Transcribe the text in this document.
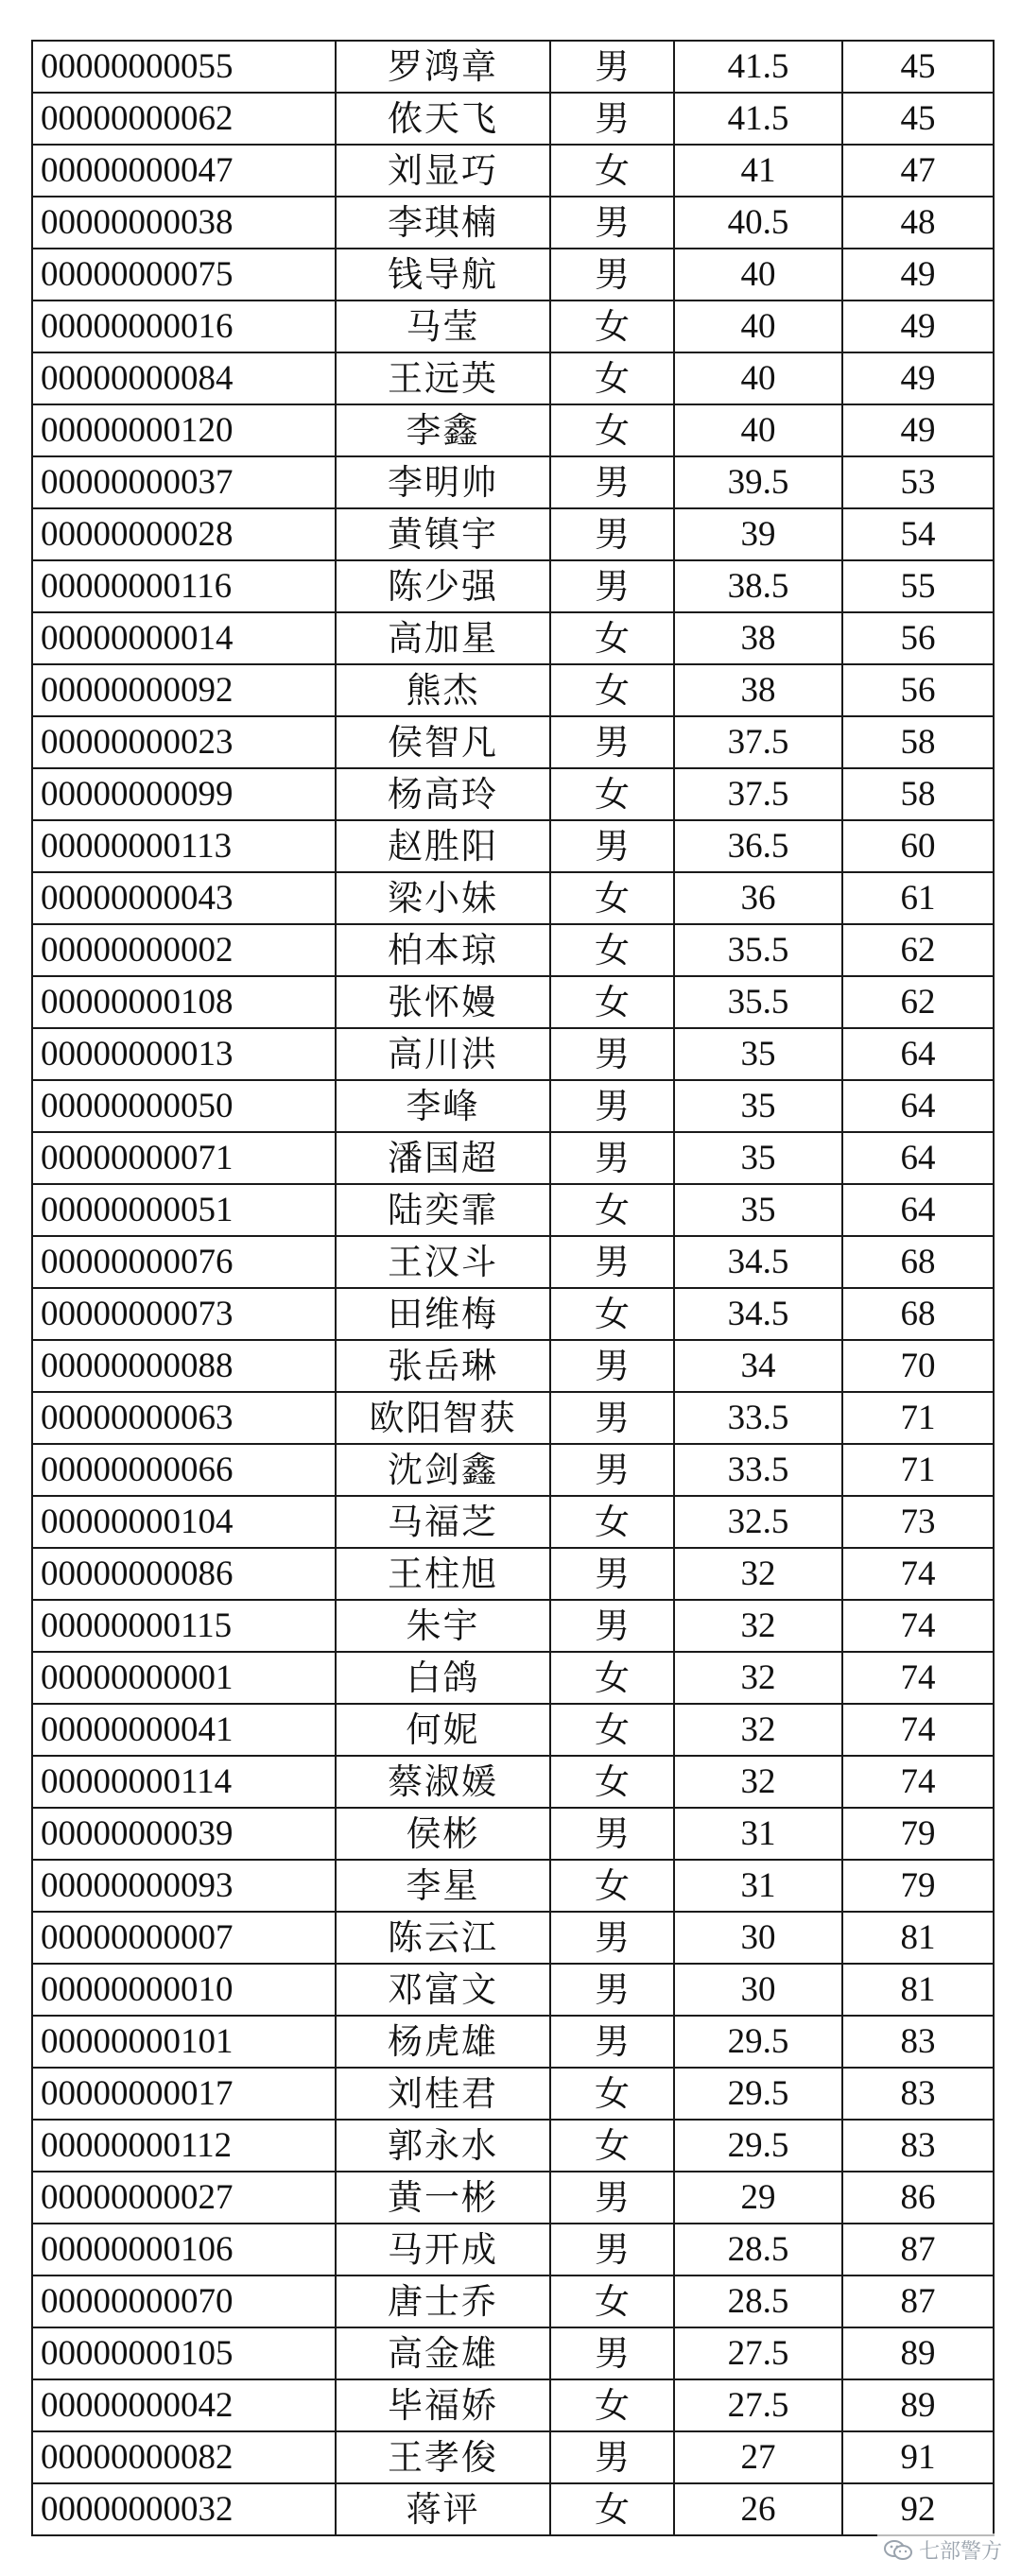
00000000055	罗鸿章	男	41.5	45
00000000062	侬天飞	男	41.5	45
00000000047	刘显巧	女	41	47
00000000038	李琪楠	男	40.5	48
00000000075	钱导航	男	40	49
00000000016	马莹	女	40	49
00000000084	王远英	女	40	49
00000000120	李鑫	女	40	49
00000000037	李明帅	男	39.5	53
00000000028	黄镇宇	男	39	54
00000000116	陈少强	男	38.5	55
00000000014	高加星	女	38	56
00000000092	熊杰	女	38	56
00000000023	侯智凡	男	37.5	58
00000000099	杨高玲	女	37.5	58
00000000113	赵胜阳	男	36.5	60
00000000043	梁小妹	女	36	61
00000000002	柏本琼	女	35.5	62
00000000108	张怀嫚	女	35.5	62
00000000013	高川洪	男	35	64
00000000050	李峰	男	35	64
00000000071	潘国超	男	35	64
00000000051	陆奕霏	女	35	64
00000000076	王汉斗	男	34.5	68
00000000073	田维梅	女	34.5	68
00000000088	张岳琳	男	34	70
00000000063	欧阳智获	男	33.5	71
00000000066	沈剑鑫	男	33.5	71
00000000104	马福芝	女	32.5	73
00000000086	王柱旭	男	32	74
00000000115	朱宇	男	32	74
00000000001	白鸽	女	32	74
00000000041	何妮	女	32	74
00000000114	蔡淑媛	女	32	74
00000000039	侯彬	男	31	79
00000000093	李星	女	31	79
00000000007	陈云江	男	30	81
00000000010	邓富文	男	30	81
00000000101	杨虎雄	男	29.5	83
00000000017	刘桂君	女	29.5	83
00000000112	郭永水	女	29.5	83
00000000027	黄一彬	男	29	86
00000000106	马开成	男	28.5	87
00000000070	唐士乔	女	28.5	87
00000000105	高金雄	男	27.5	89
00000000042	毕福娇	女	27.5	89
00000000082	王孝俊	男	27	91
00000000032	蒋评	女	26	92
七部警方
